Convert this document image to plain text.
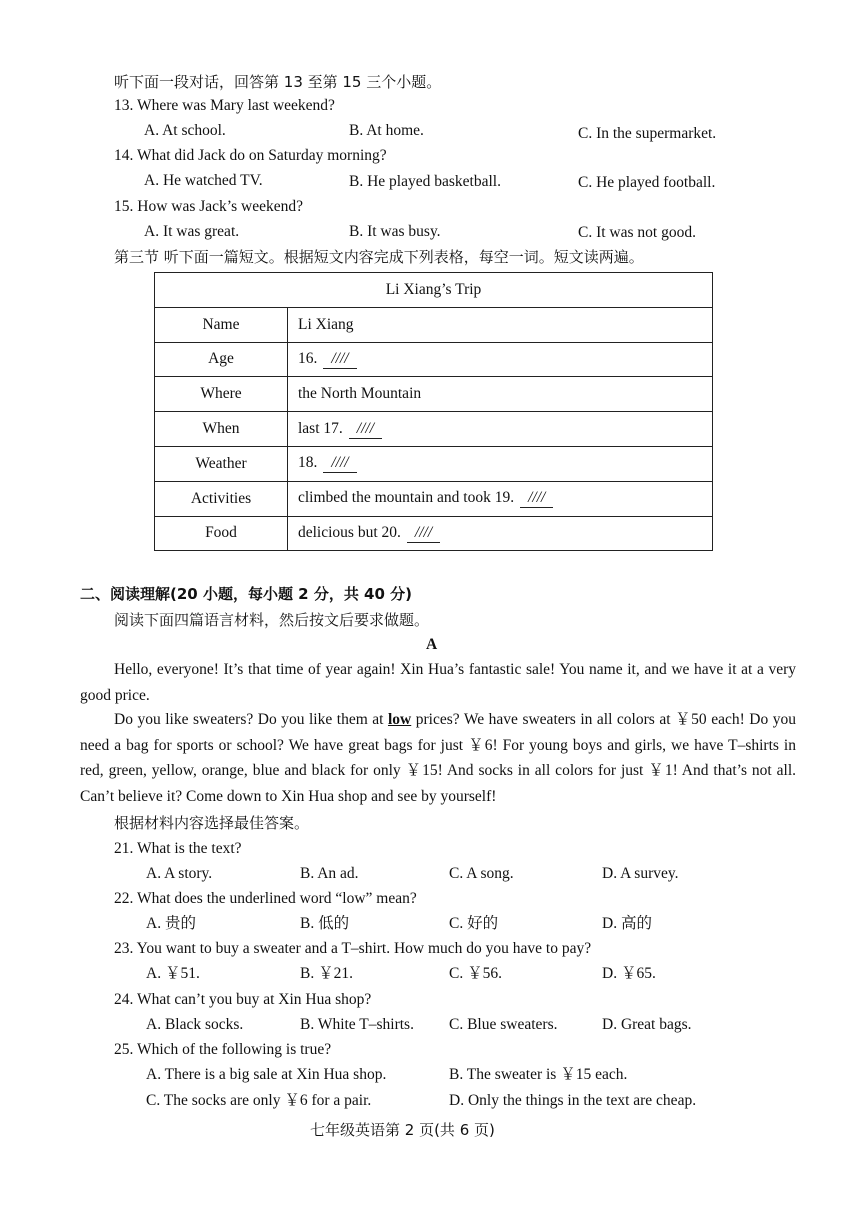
听下面一段对话，回答第 13 至第 15 三个小题。
13. Where was Mary last weekend?
A. At school.	B. At home.	C. In the supermarket.
14. What did Jack do on Saturday morning?
A. He watched TV.	B. He played basketball.	C. He played football.
15. How was Jack’s weekend?
A. It was great.	B. It was busy.	C. It was not good.
第三节 听下面一篇短文。根据短文内容完成下列表格，每空一词。短文读两遍。
Li Xiang’s Trip	
Name	Li Xiang
Age	16. ////
Where	the North Mountain
When	last 17. ////
Weather	18. ////
Activities	climbed the mountain and took 19. ////
Food	delicious but 20. ////
二、阅读理解(20 小题，每小题 2 分，共 40 分)
阅读下面四篇语言材料，然后按文后要求做题。
A
Hello, everyone! It’s that time of year again! Xin Hua’s fantastic sale! You name it, and we have it at a very good price.
Do you like sweaters? Do you like them at low prices? We have sweaters in all colors at ￥50 each! Do you need a bag for sports or school? We have great bags for just ￥6! For young boys and girls, we have T–shirts in red, green, yellow, orange, blue and black for only ￥15! And socks in all colors for just ￥1! And that’s not all. Can’t believe it? Come down to Xin Hua shop and see by yourself!
根据材料内容选择最佳答案。
21. What is the text?
A. A story.	B. An ad.	C. A song.	D. A survey.
22. What does the underlined word “low” mean?
A. 贵的	B. 低的	C. 好的	D. 高的
23. You want to buy a sweater and a T–shirt. How much do you have to pay?
A. ￥51.	B. ￥21.	C. ￥56.	D. ￥65.
24. What can’t you buy at Xin Hua shop?
A. Black socks.	B. White T–shirts. C. Blue sweaters.	D. Great bags.
25. Which of the following is true?
A. There is a big sale at Xin Hua shop.	B. The sweater is ￥15 each.
C. The socks are only ￥6 for a pair.	D. Only the things in the text are cheap.
七年级英语第 2 页(共 6 页)
